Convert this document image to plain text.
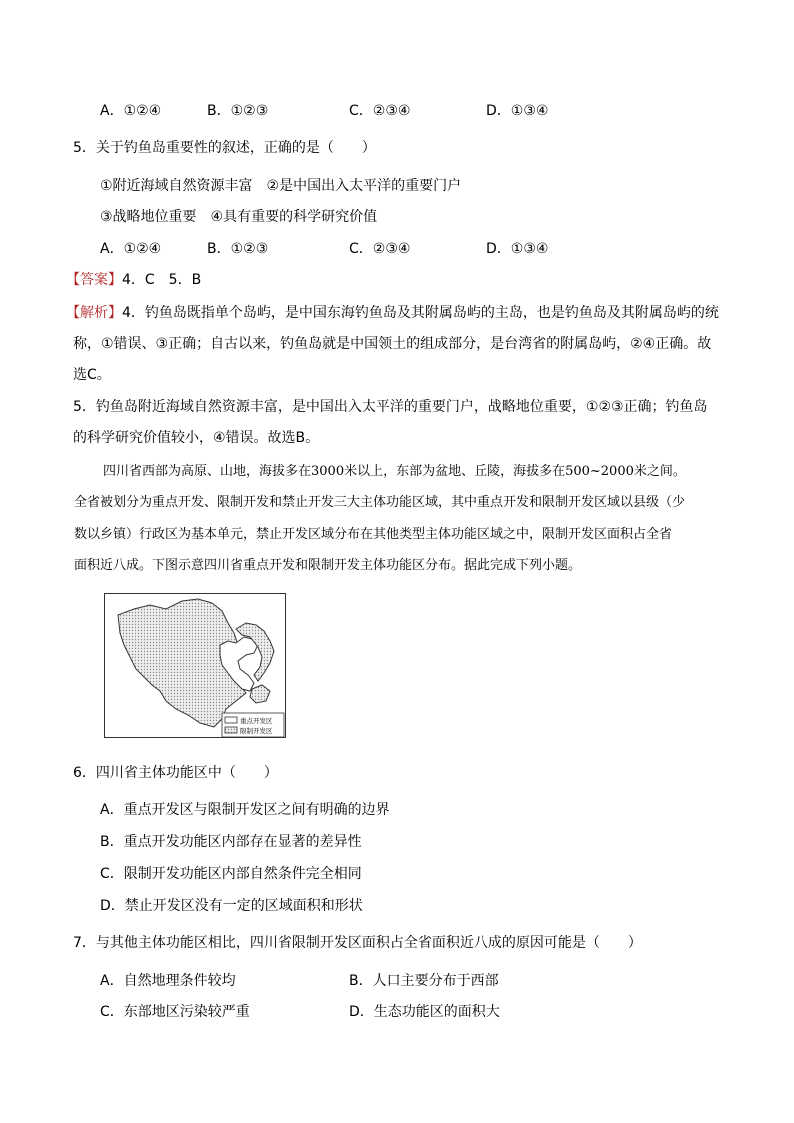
A．①②④	B．①②③	C．②③④	D．①③④
5．关于钓鱼岛重要性的叙述，正确的是（　　）
①附近海域自然资源丰富　②是中国出入太平洋的重要门户
③战略地位重要　④具有重要的科学研究价值
A．①②④	B．①②③	C．②③④	D．①③④
【答案】4．C　5．B
【解析】4．钓鱼岛既指单个岛屿，是中国东海钓鱼岛及其附属岛屿的主岛，也是钓鱼岛及其附属岛屿的统
称，①错误、③正确；自古以来，钓鱼岛就是中国领土的组成部分，是台湾省的附属岛屿，②④正确。故
选C。
5．钓鱼岛附近海域自然资源丰富，是中国出入太平洋的重要门户，战略地位重要，①②③正确；钓鱼岛
的科学研究价值较小，④错误。故选B。
四川省西部为高原、山地，海拔多在3000米以上，东部为盆地、丘陵，海拔多在500~2000米之间。
全省被划分为重点开发、限制开发和禁止开发三大主体功能区域，其中重点开发和限制开发区域以县级（少
数以乡镇）行政区为基本单元，禁止开发区域分布在其他类型主体功能区域之中，限制开发区面积占全省
面积近八成。下图示意四川省重点开发和限制开发主体功能区分布。据此完成下列小题。
重点开发区
限制开发区
6．四川省主体功能区中（　　）
A．重点开发区与限制开发区之间有明确的边界
B．重点开发功能区内部存在显著的差异性
C．限制开发功能区内部自然条件完全相同
D．禁止开发区没有一定的区域面积和形状
7．与其他主体功能区相比，四川省限制开发区面积占全省面积近八成的原因可能是（　　）
A．自然地理条件较均	B．人口主要分布于西部
C．东部地区污染较严重	D．生态功能区的面积大
